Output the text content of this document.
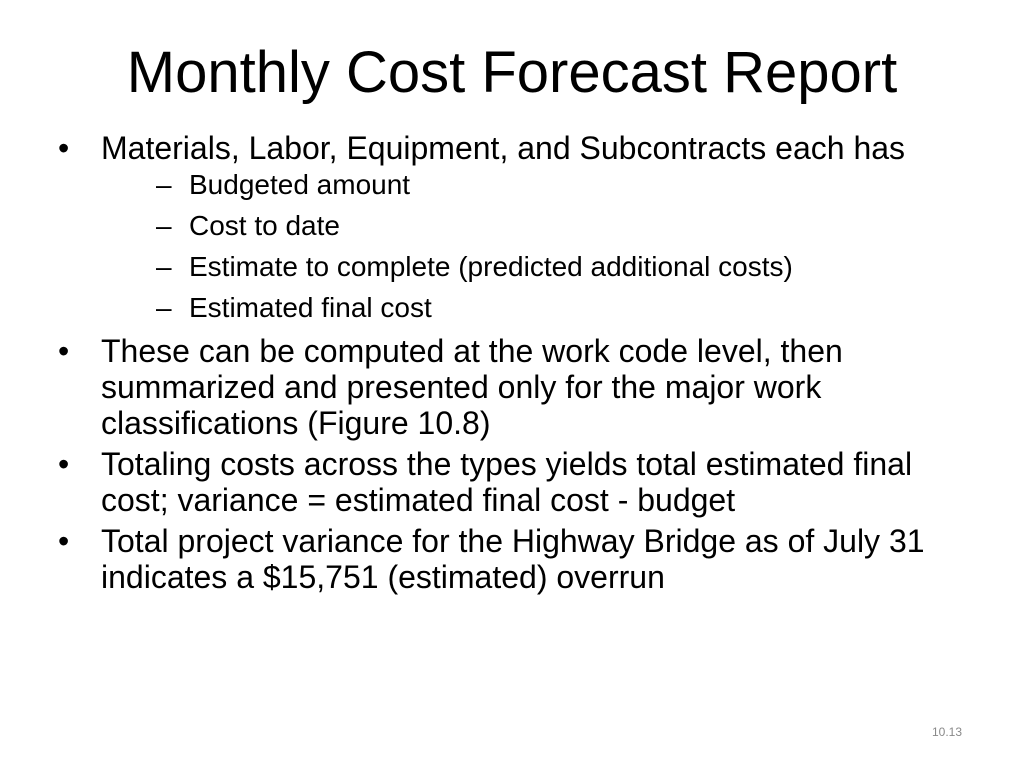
Monthly Cost Forecast Report
• Materials, Labor, Equipment, and Subcontracts each has
– Budgeted amount
– Cost to date
– Estimate to complete (predicted additional costs)
– Estimated final cost
• These can be computed at the work code level, then summarized and presented only for the major work classifications (Figure 10.8)
• Totaling costs across the types yields total estimated final cost; variance = estimated final cost - budget
• Total project variance for the Highway Bridge as of July 31 indicates a $15,751 (estimated) overrun
10.13
